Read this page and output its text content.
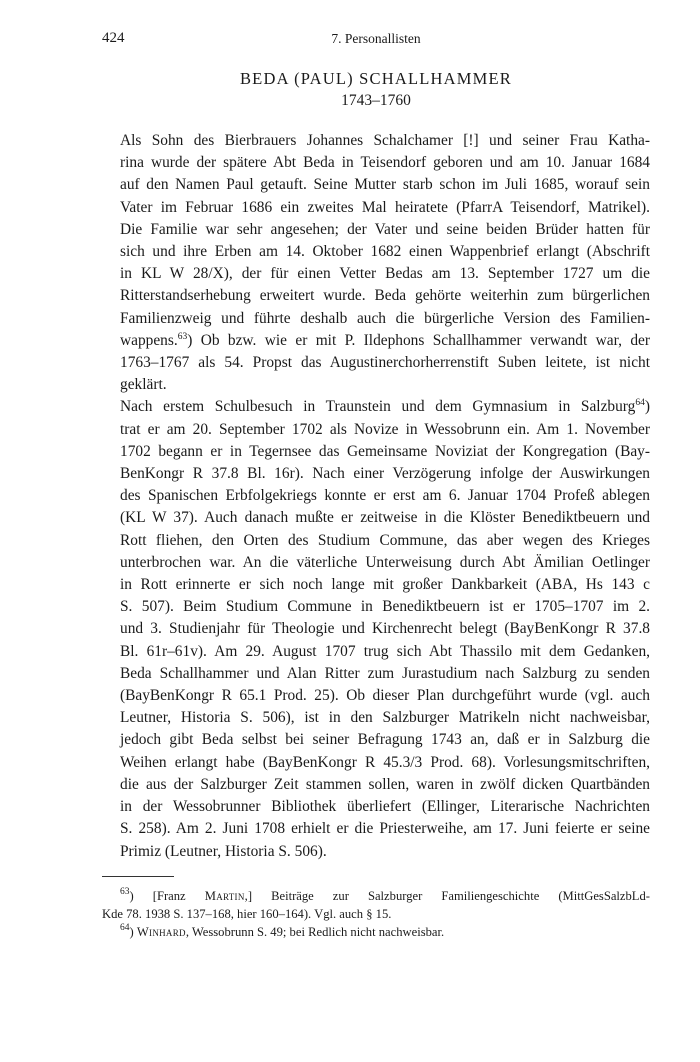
424	7. Personallisten
BEDA (PAUL) SCHALLHAMMER
1743–1760

Als Sohn des Bierbrauers Johannes Schalchamer [!] und seiner Frau Katha-
rina wurde der spätere Abt Beda in Teisendorf geboren und am 10. Januar 1684
auf den Namen Paul getauft. Seine Mutter starb schon im Juli 1685, worauf sein
Vater im Februar 1686 ein zweites Mal heiratete (PfarrA Teisendorf, Matrikel).
Die Familie war sehr angesehen; der Vater und seine beiden Brüder hatten für
sich und ihre Erben am 14. Oktober 1682 einen Wappenbrief erlangt (Abschrift
in KL W 28/X), der für einen Vetter Bedas am 13. September 1727 um die
Ritterstandserhebung erweitert wurde. Beda gehörte weiterhin zum bürgerlichen
Familienzweig und führte deshalb auch die bürgerliche Version des Familien-
wappens.$^{63}$) Ob bzw. wie er mit P. Ildephons Schallhammer verwandt war, der
1763–1767 als 54. Propst das Augustinerchorherrenstift Suben leitete, ist nicht
geklärt.

Nach erstem Schulbesuch in Traunstein und dem Gymnasium in Salzburg$^{64}$)
trat er am 20. September 1702 als Novize in Wessobrunn ein. Am 1. November
1702 begann er in Tegernsee das Gemeinsame Noviziat der Kongregation (Bay-
BenKongr R 37.8 Bl. 16r). Nach einer Verzögerung infolge der Auswirkungen
des Spanischen Erbfolgekriegs konnte er erst am 6. Januar 1704 Profeß ablegen
(KL W 37). Auch danach mußte er zeitweise in die Klöster Benediktbeuern und
Rott fliehen, den Orten des Studium Commune, das aber wegen des Krieges
unterbrochen war. An die väterliche Unterweisung durch Abt Ämilian Oetlinger
in Rott erinnerte er sich noch lange mit großer Dankbarkeit (ABA, Hs 143 c
S. 507). Beim Studium Commune in Benediktbeuern ist er 1705–1707 im 2.
und 3. Studienjahr für Theologie und Kirchenrecht belegt (BayBenKongr R 37.8
Bl. 61r–61v). Am 29. August 1707 trug sich Abt Thassilo mit dem Gedanken,
Beda Schallhammer und Alan Ritter zum Jurastudium nach Salzburg zu senden
(BayBenKongr R 65.1 Prod. 25). Ob dieser Plan durchgeführt wurde (vgl. auch
Leutner, Historia S. 506), ist in den Salzburger Matrikeln nicht nachweisbar,
jedoch gibt Beda selbst bei seiner Befragung 1743 an, daß er in Salzburg die
Weihen erlangt habe (BayBenKongr R 45.3/3 Prod. 68). Vorlesungsmitschriften,
die aus der Salzburger Zeit stammen sollen, waren in zwölf dicken Quartbänden
in der Wessobrunner Bibliothek überliefert (Ellinger, Literarische Nachrichten
S. 258). Am 2. Juni 1708 erhielt er die Priesterweihe, am 17. Juni feierte er seine
Primiz (Leutner, Historia S. 506).

$^{63}$) [Franz Martin,] Beiträge zur Salzburger Familiengeschichte (MittGesSalzbLd-
Kde 78. 1938 S. 137–168, hier 160–164). Vgl. auch § 15.
$^{64}$) Winhard, Wessobrunn S. 49; bei Redlich nicht nachweisbar.
